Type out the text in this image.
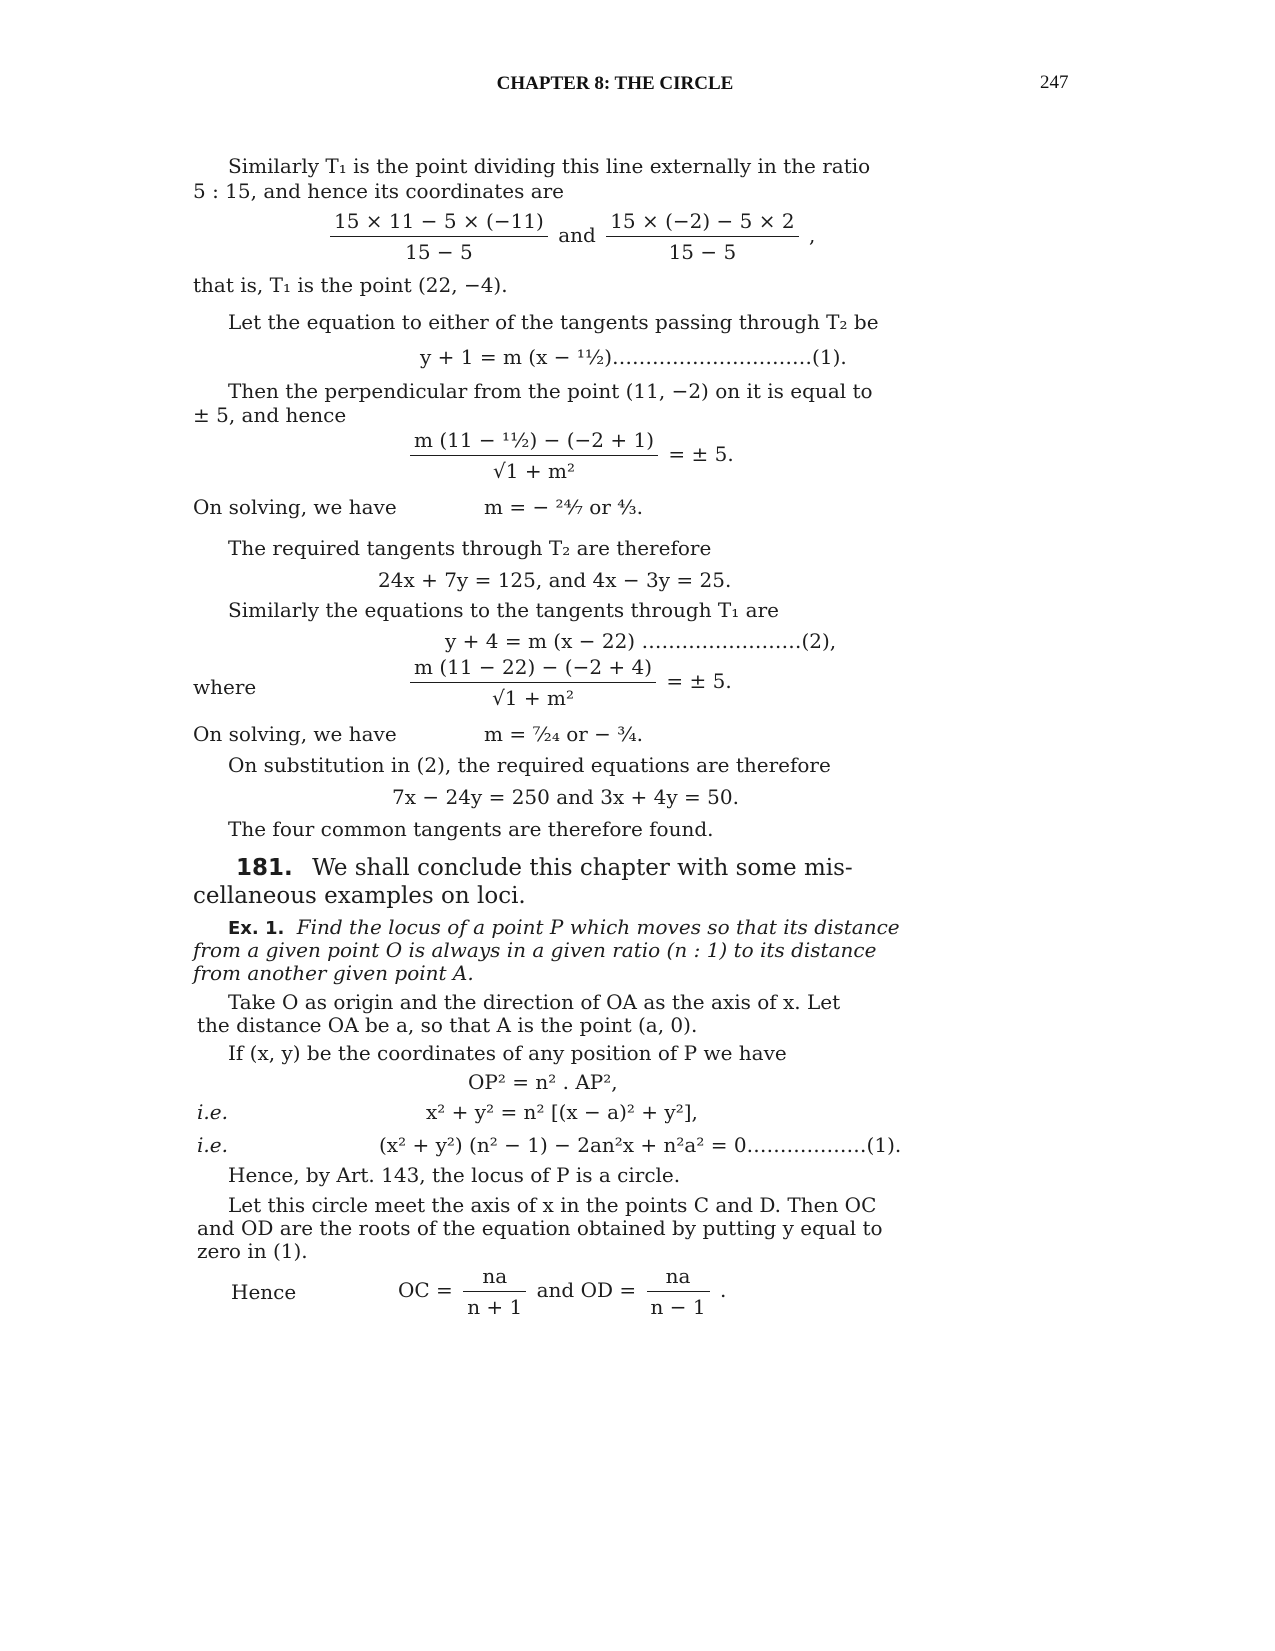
CHAPTER 8: THE CIRCLE	247
Similarly T₁ is the point dividing this line externally in the ratio
5 : 15, and hence its coordinates are
$\frac{15 \times 11 - 5 \times (-11)}{15 - 5}$ and $\frac{15 \times (-2) - 5 \times 2}{15 - 5}$ ,
that is, T₁ is the point (22, −4).
Let the equation to either of the tangents passing through T₂ be
y + 1 = m (x − ¹¹⁄₂)…………………………(1).
Then the perpendicular from the point (11, −2) on it is equal to
± 5, and hence
$\frac{\text{m (11 − ¹¹⁄₂) − (−2 + 1)}}{\text{√1 + m²}}$ = ± 5.
On solving, we have	m = − ²⁴⁄₇ or ⁴⁄₃.
The required tangents through T₂ are therefore
24x + 7y = 125, and 4x − 3y = 25.
Similarly the equations to the tangents through T₁ are
y + 4 = m (x − 22) ……………………(2),
where	$\frac{m (11 - 22) - (-2 + 4)}{\text{√1 + m²}}$ = ± 5.
On solving, we have	m = ⁷⁄₂₄ or − ³⁄₄.
On substitution in (2), the required equations are therefore
7x − 24y = 250 and 3x + 4y = 50.
The four common tangents are therefore found.
181. We shall conclude this chapter with some mis-
cellaneous examples on loci.
Ex. 1. Find the locus of a point P which moves so that its distance
from a given point O is always in a given ratio (n : 1) to its distance
from another given point A.
Take O as origin and the direction of OA as the axis of x. Let
the distance OA be a, so that A is the point (a, 0).
If (x, y) be the coordinates of any position of P we have
OP² = n² . AP²,
i.e.	x² + y² = n² [(x − a)² + y²],
i.e.	(x² + y²) (n² − 1) − 2an²x + n²a² = 0………………(1).
Hence, by Art. 143, the locus of P is a circle.
Let this circle meet the axis of x in the points C and D. Then OC
and OD are the roots of the equation obtained by putting y equal to
zero in (1).
Hence	OC = $\frac{na}{n + 1}$ and OD = $\frac{na}{n - 1}$ .
